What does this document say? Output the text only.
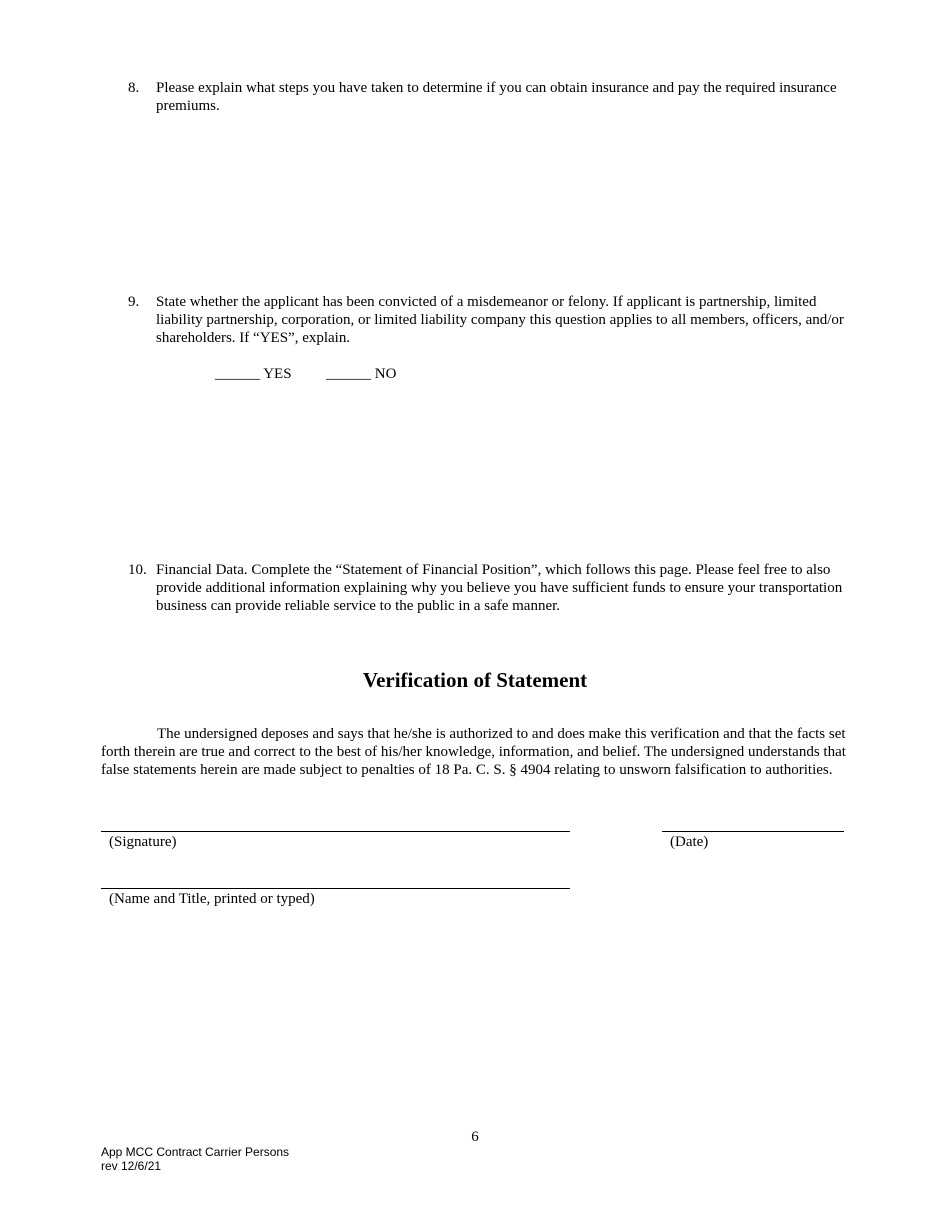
8.	Please explain what steps you have taken to determine if you can obtain insurance and pay the required insurance premiums.
9.	State whether the applicant has been convicted of a misdemeanor or felony. If applicant is partnership, limited liability partnership, corporation, or limited liability company this question applies to all members, officers, and/or shareholders. If “YES”, explain.
______ YES ______ NO
10. Financial Data. Complete the “Statement of Financial Position”, which follows this page. Please feel free to also provide additional information explaining why you believe you have sufficient funds to ensure your transportation business can provide reliable service to the public in a safe manner.
Verification of Statement
The undersigned deposes and says that he/she is authorized to and does make this verification and that the facts set forth therein are true and correct to the best of his/her knowledge, information, and belief. The undersigned understands that false statements herein are made subject to penalties of 18 Pa. C. S. § 4904 relating to unsworn falsification to authorities.
(Signature)	(Date)
(Name and Title, printed or typed)
6
App MCC Contract Carrier Persons
rev 12/6/21
